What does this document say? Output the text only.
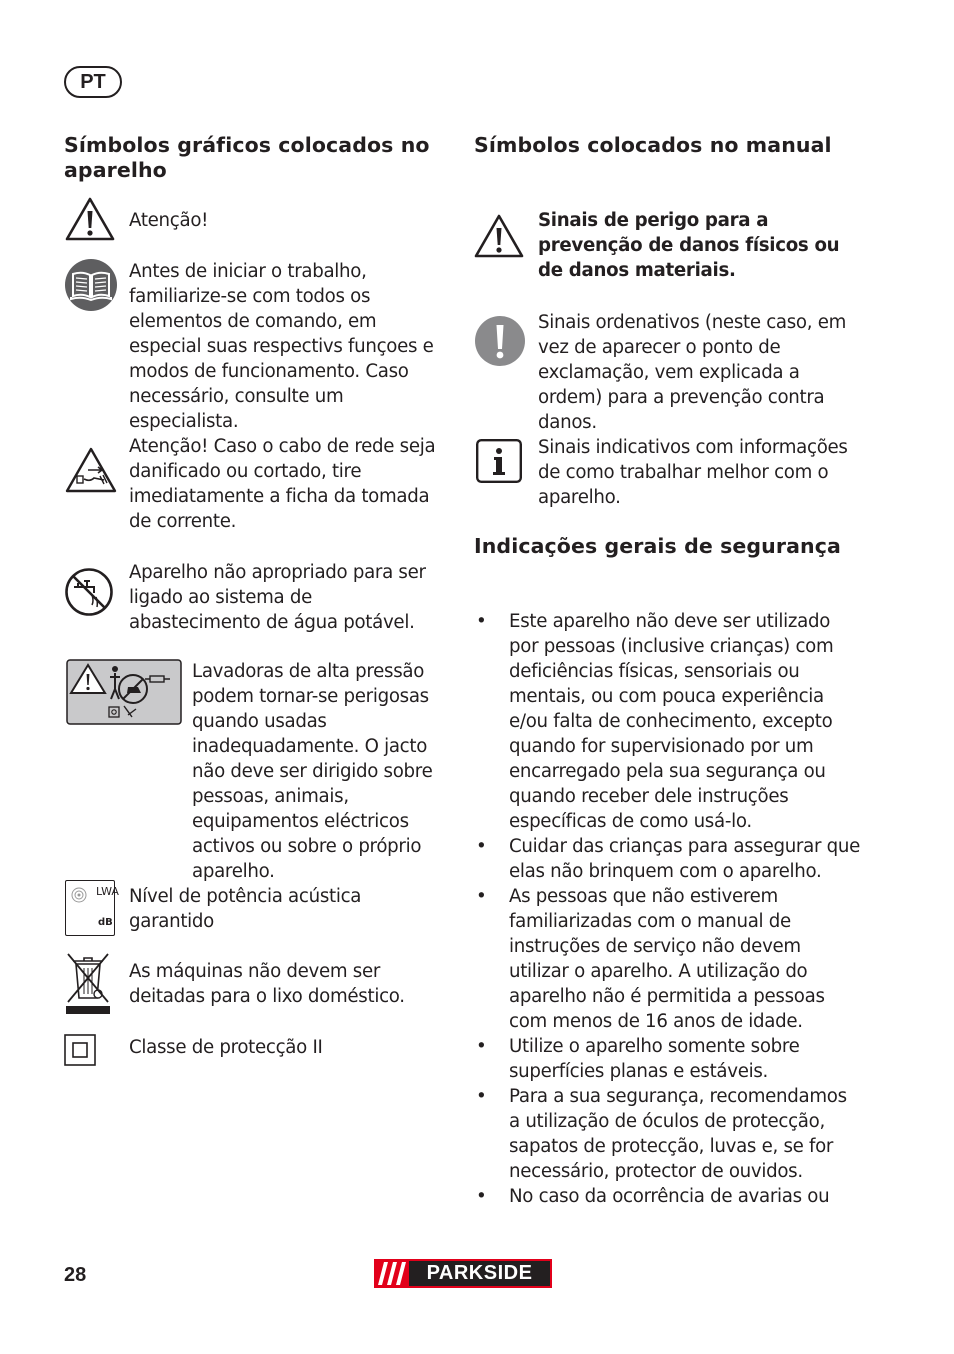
PT
Símbolos gráficos colocados no aparelho

Atenção!

Antes de iniciar o trabalho, familiarize-se com todos os elementos de comando, em especial suas respectivs funçoes e modos de funcionamento. Caso necessário, consulte um especialista.

Atenção! Caso o cabo de rede seja danificado ou cortado, tire imediatamente a ficha da tomada de corrente.

Aparelho não apropriado para ser ligado ao sistema de abastecimento de água potável.

Lavadoras de alta pressão podem tornar-se perigosas quando usadas inadequadamente. O jacto não deve ser dirigido sobre pessoas, animais, equipamentos eléctricos activos ou sobre o próprio aparelho.

LWA
dB

Nível de potência acústica garantido

As máquinas não devem ser deitadas para o lixo doméstico.

Classe de protecção II

Símbolos colocados no manual

Sinais de perigo para a prevenção de danos físicos ou de danos materiais.

Sinais ordenativos (neste caso, em vez de aparecer o ponto de exclamação, vem explicada a ordem) para a prevenção contra danos.

Sinais indicativos com informações de como trabalhar melhor com o aparelho.

Indicações gerais de segurança
• Este aparelho não deve ser utilizado por pessoas (inclusive crianças) com deficiências físicas, sensoriais ou mentais, ou com pouca experiência e/ou falta de conhecimento, excepto quando for supervisionado por um encarregado pela sua segurança ou quando receber dele instruções específicas de como usá-lo.
• Cuidar das crianças para assegurar que elas não brinquem com o aparelho.
• As pessoas que não estiverem familiarizadas com o manual de instruções de serviço não devem utilizar o aparelho. A utilização do aparelho não é permitida a pessoas com menos de 16 anos de idade.
• Utilize o aparelho somente sobre superfícies planas e estáveis.
• Para a sua segurança, recomendamos a utilização de óculos de protecção, sapatos de protecção, luvas e, se for necessário, protector de ouvidos.
• No caso da ocorrência de avarias ou
28	PARKSIDE
